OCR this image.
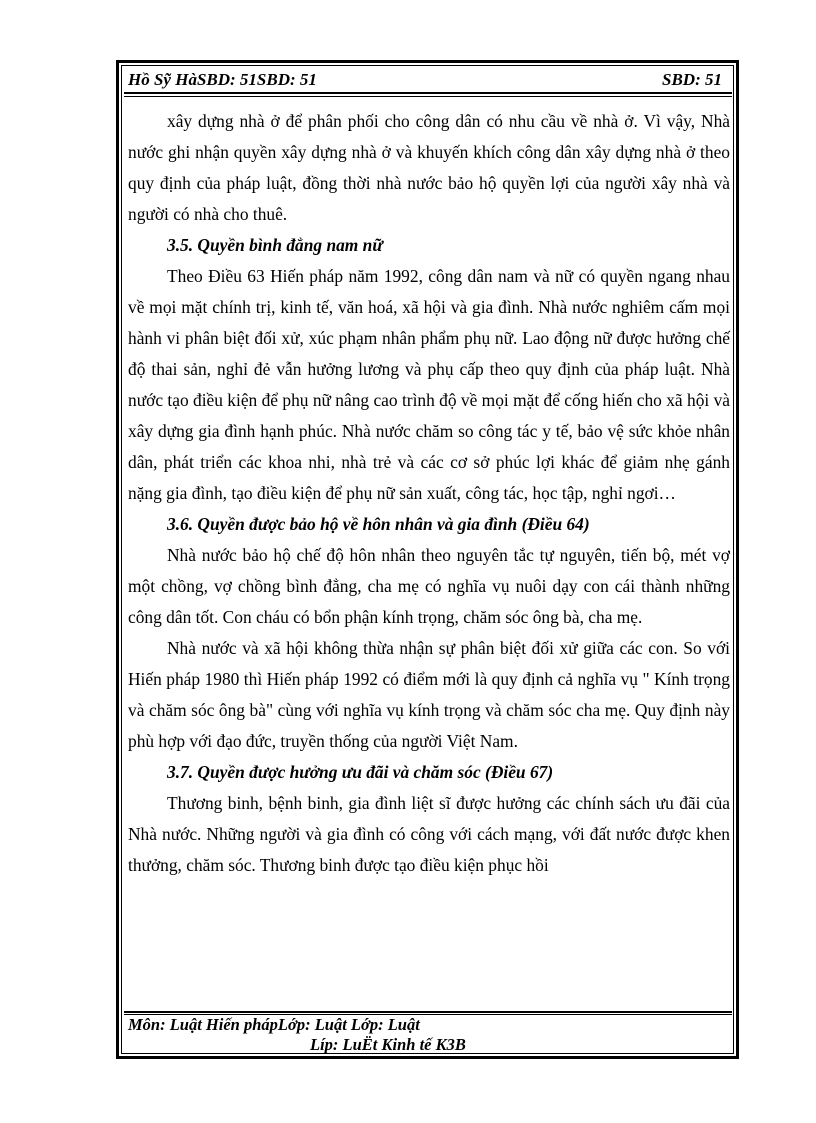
Hồ Sỹ HàSBD: 51SBD: 51	SBD: 51

xây dựng nhà ở để phân phối cho công dân có nhu cầu về nhà ở. Vì vậy, Nhà nước ghi nhận quyền xây dựng nhà ở và khuyến khích công dân xây dựng nhà ở theo quy định của pháp luật, đồng thời nhà nước bảo hộ quyền lợi của người xây nhà và người có nhà cho thuê.

3.5. Quyền bình đẳng nam nữ

Theo Điều 63 Hiến pháp năm 1992, công dân nam và nữ có quyền ngang nhau về mọi mặt chính trị, kinh tế, văn hoá, xã hội và gia đình. Nhà nước nghiêm cấm mọi hành vi phân biệt đối xử, xúc phạm nhân phẩm phụ nữ. Lao động nữ được hưởng chế độ thai sản, nghỉ đẻ vẫn hưởng lương và phụ cấp theo quy định của pháp luật. Nhà nước tạo điều kiện để phụ nữ nâng cao trình độ về mọi mặt để cống hiến cho xã hội và xây dựng gia đình hạnh phúc. Nhà nước chăm so công tác y tế, bảo vệ sức khỏe nhân dân, phát triển các khoa nhi, nhà trẻ và các cơ sở phúc lợi khác để giảm nhẹ gánh nặng gia đình, tạo điều kiện để phụ nữ sản xuất, công tác, học tập, nghỉ ngơi…

3.6. Quyền được bảo hộ về hôn nhân và gia đình (Điều 64)

Nhà nước bảo hộ chế độ hôn nhân theo nguyên tắc tự nguyên, tiến bộ, mét vợ một chồng, vợ chồng bình đẳng, cha mẹ có nghĩa vụ nuôi dạy con cái thành những công dân tốt. Con cháu có bổn phận kính trọng, chăm sóc ông bà, cha mẹ.

Nhà nước và xã hội không thừa nhận sự phân biệt đối xử giữa các con. So với Hiến pháp 1980 thì Hiến pháp 1992 có điểm mới là quy định cả nghĩa vụ " Kính trọng và chăm sóc ông bà" cùng với nghĩa vụ kính trọng và chăm sóc cha mẹ. Quy định này phù hợp với đạo đức, truyền thống của người Việt Nam.

3.7. Quyền được hưởng ưu đãi và chăm sóc (Điều 67)

Thương binh, bệnh binh, gia đình liệt sĩ được hưởng các chính sách ưu đãi của Nhà nước. Những người và gia đình có công với cách mạng, với đất nước được khen thưởng, chăm sóc. Thương binh được tạo điều kiện phục hồi

Môn: Luật Hiến phápLớp: Luật Lớp: Luật
Líp: LuËt Kinh tế K3B
